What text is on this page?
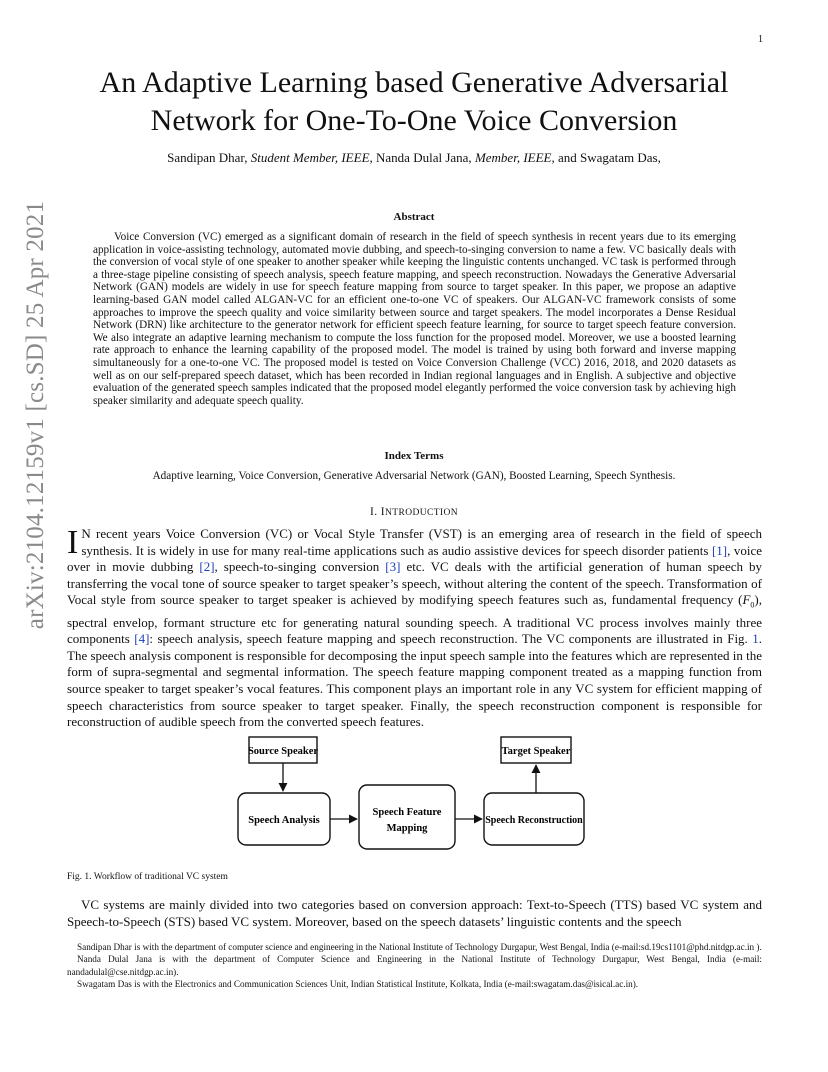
1
arXiv:2104.12159v1 [cs.SD] 25 Apr 2021
An Adaptive Learning based Generative Adversarial
Network for One-To-One Voice Conversion
Sandipan Dhar, Student Member, IEEE, Nanda Dulal Jana, Member, IEEE, and Swagatam Das,
Abstract
Voice Conversion (VC) emerged as a significant domain of research in the field of speech synthesis in recent years due to its emerging application in voice-assisting technology, automated movie dubbing, and speech-to-singing conversion to name a few. VC basically deals with the conversion of vocal style of one speaker to another speaker while keeping the linguistic contents unchanged. VC task is performed through a three-stage pipeline consisting of speech analysis, speech feature mapping, and speech reconstruction. Nowadays the Generative Adversarial Network (GAN) models are widely in use for speech feature mapping from source to target speaker. In this paper, we propose an adaptive learning-based GAN model called ALGAN-VC for an efficient one-to-one VC of speakers. Our ALGAN-VC framework consists of some approaches to improve the speech quality and voice similarity between source and target speakers. The model incorporates a Dense Residual Network (DRN) like architecture to the generator network for efficient speech feature learning, for source to target speech feature conversion. We also integrate an adaptive learning mechanism to compute the loss function for the proposed model. Moreover, we use a boosted learning rate approach to enhance the learning capability of the proposed model. The model is trained by using both forward and inverse mapping simultaneously for a one-to-one VC. The proposed model is tested on Voice Conversion Challenge (VCC) 2016, 2018, and 2020 datasets as well as on our self-prepared speech dataset, which has been recorded in Indian regional languages and in English. A subjective and objective evaluation of the generated speech samples indicated that the proposed model elegantly performed the voice conversion task by achieving high speaker similarity and adequate speech quality.
Index Terms
Adaptive learning, Voice Conversion, Generative Adversarial Network (GAN), Boosted Learning, Speech Synthesis.
I. INTRODUCTION
I N recent years Voice Conversion (VC) or Vocal Style Transfer (VST) is an emerging area of research in the field of speech synthesis. It is widely in use for many real-time applications such as audio assistive devices for speech disorder patients [1], voice over in movie dubbing [2], speech-to-singing conversion [3] etc. VC deals with the artificial generation of human speech by transferring the vocal tone of source speaker to target speaker’s speech, without altering the content of the speech. Transformation of Vocal style from source speaker to target speaker is achieved by modifying speech features such as, fundamental frequency $(F_0)$, spectral envelop, formant structure etc for generating natural sounding speech. A traditional VC process involves mainly three components [4]: speech analysis, speech feature mapping and speech reconstruction. The VC components are illustrated in Fig. 1. The speech analysis component is responsible for decomposing the input speech sample into the features which are represented in the form of supra-segmental and segmental information. The speech feature mapping component treated as a mapping function from source speaker to target speaker’s vocal features. This component plays an important role in any VC system for efficient mapping of speech characteristics from source speaker to target speaker. Finally, the speech reconstruction component is responsible for reconstruction of audible speech from the converted speech features.
Source Speaker
Speech Analysis
Speech Feature
Mapping
Speech Reconstruction
Target Speaker
Fig. 1. Workflow of traditional VC system
VC systems are mainly divided into two categories based on conversion approach: Text-to-Speech (TTS) based VC system and Speech-to-Speech (STS) based VC system. Moreover, based on the speech datasets’ linguistic contents and the speech

Sandipan Dhar is with the department of computer science and engineering in the National Institute of Technology Durgapur, West Bengal, India (e-mail:sd.19cs1101@phd.nitdgp.ac.in ).

Nanda Dulal Jana is with the department of Computer Science and Engineering in the National Institute of Technology Durgapur, West Bengal, India (e-mail: nandadulal@cse.nitdgp.ac.in).

Swagatam Das is with the Electronics and Communication Sciences Unit, Indian Statistical Institute, Kolkata, India (e-mail:swagatam.das@isical.ac.in).
